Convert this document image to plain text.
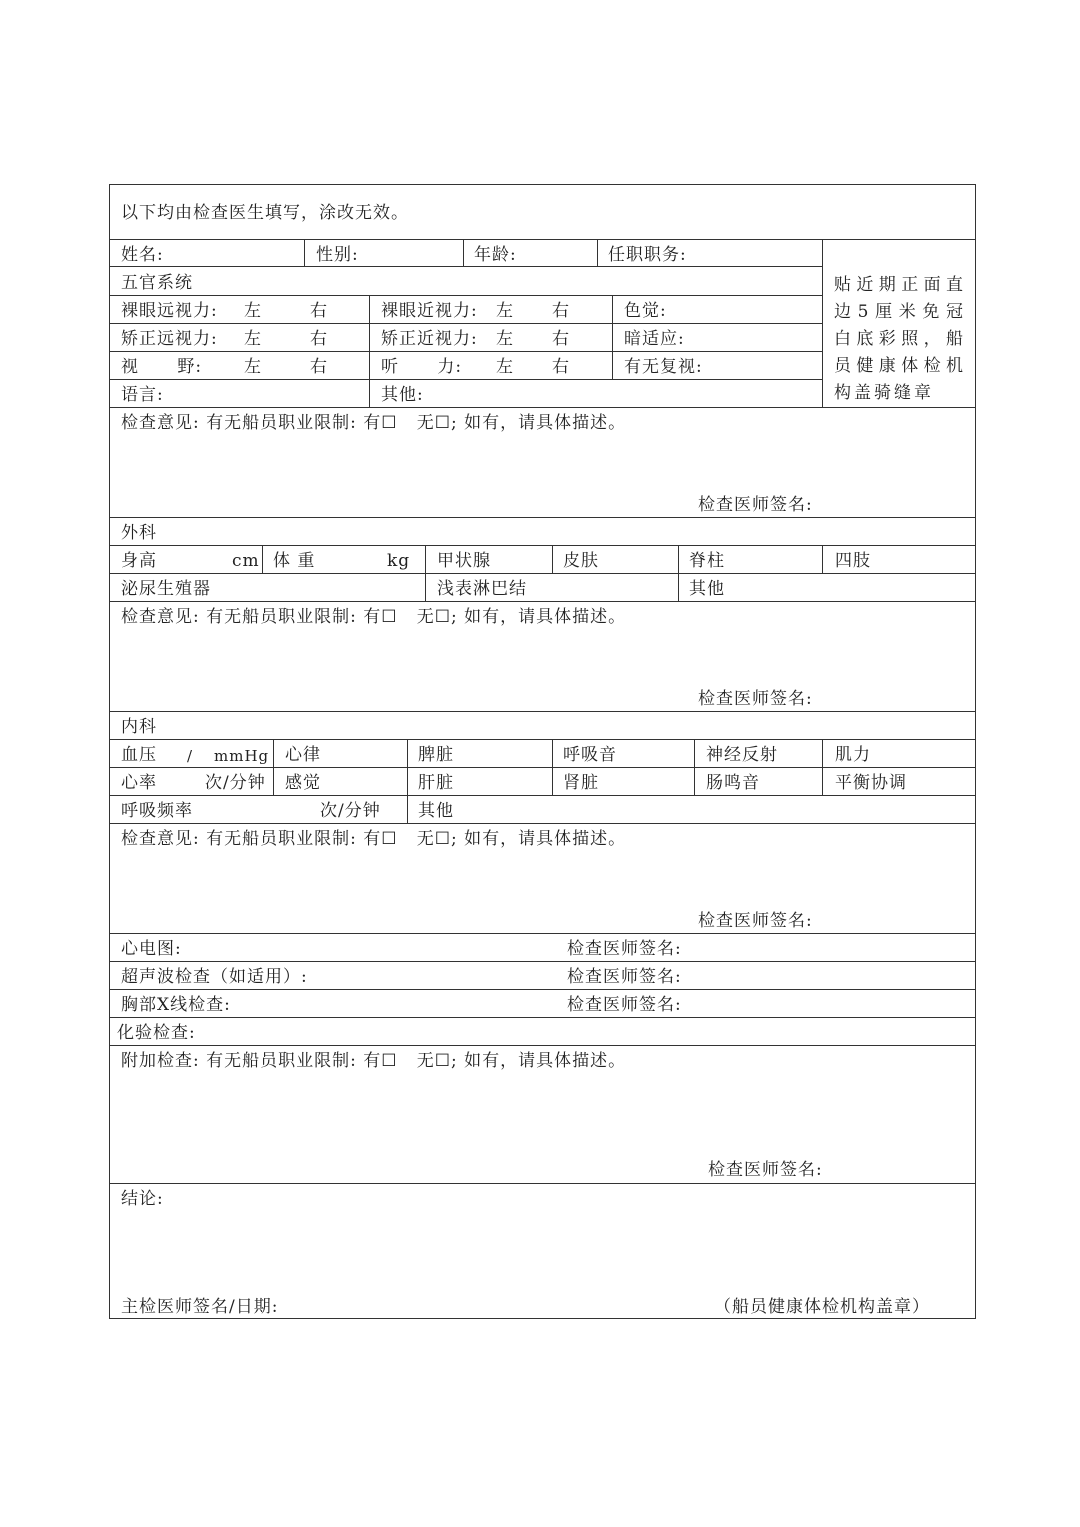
以下均由检查医生填写，涂改无效。
姓名:	性别:	年龄:	任职职务:
贴近期正面直边5厘米免冠白底彩照，船员健康体检机构盖骑缝章
五官系统
裸眼远视力: 左	右	裸眼近视力: 左 右	色觉:
矫正远视力: 左	右	矫正近视力: 左 右	暗适应:
视      野: 左	右	听      力: 左 右	有无复视:
语言:	其他:
检查意见: 有无船员职业限制: 有☐   无☐; 如有，请具体描述。
检查医师签名:
外科
身高	cm 体 重	kg 甲状腺	皮肤	脊柱	四肢
泌尿生殖器	浅表淋巴结	其他
检查意见: 有无船员职业限制: 有☐   无☐; 如有，请具体描述。
检查医师签名:
内科
血压 / mmHg 心律	脾脏	呼吸音	神经反射	肌力
心率	次/分钟 感觉	肝脏	肾脏	肠鸣音	平衡协调
呼吸频率	次/分钟 其他
检查意见: 有无船员职业限制: 有☐   无☐; 如有，请具体描述。
检查医师签名:
心电图:	检查医师签名:
超声波检查（如适用）:	检查医师签名:
胸部X线检查:	检查医师签名:
化验检查:
附加检查: 有无船员职业限制: 有☐   无☐; 如有，请具体描述。
检查医师签名:
结论:
主检医师签名/日期:	（船员健康体检机构盖章）
